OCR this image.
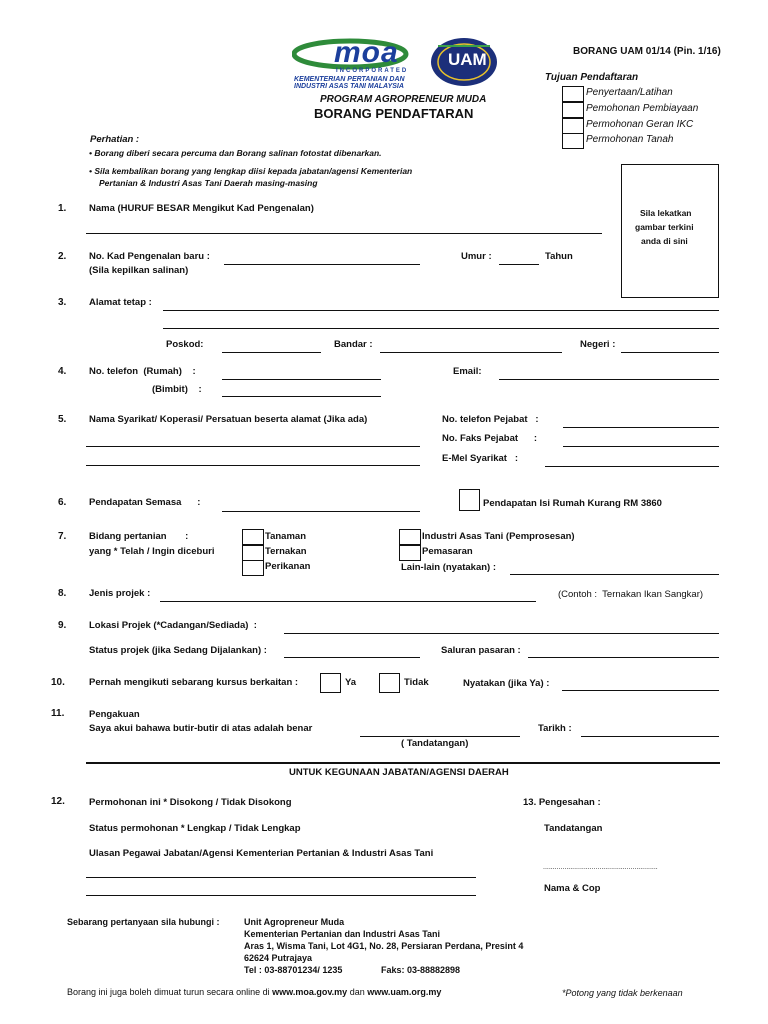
moa
INCORPORATED
KEMENTERIAN PERTANIAN DAN
INDUSTRI ASAS TANI MALAYSIA
UAM
PROGRAM AGROPRENEUR MUDA
BORANG PENDAFTARAN
BORANG UAM 01/14 (Pin. 1/16)
Tujuan Pendaftaran
Penyertaan/Latihan
Pemohonan Pembiayaan
Permohonan Geran IKC
Permohonan Tanah
Perhatian :
• Borang diberi secara percuma dan Borang salinan fotostat dibenarkan.
• Sila kembalikan borang yang lengkap diisi kepada jabatan/agensi Kementerian
Pertanian & Industri Asas Tani Daerah masing-masing
Sila lekatkan
gambar terkini
anda di sini
1. Nama (HURUF BESAR Mengikut Kad Pengenalan)
2. No. Kad Pengenalan baru :
(Sila kepilkan salinan)
Umur :	Tahun
3. Alamat tetap :
Poskod:	Bandar :	Negeri :
4. No. telefon  (Rumah)    :
(Bimbit)    :
Email:
5. Nama Syarikat/ Koperasi/ Persatuan beserta alamat (Jika ada)	No. telefon Pejabat   :
No. Faks Pejabat      :
E-Mel Syarikat   :
6. Pendapatan Semasa      :	Pendapatan Isi Rumah Kurang RM 3860
7. Bidang pertanian       :
yang * Telah / Ingin diceburi
Tanaman
Ternakan
Perikanan
Industri Asas Tani (Pemprosesan)
Pemasaran
Lain-lain (nyatakan) :
8. Jenis projek :	(Contoh :  Ternakan Ikan Sangkar)
9. Lokasi Projek (*Cadangan/Sediada)  :
Status projek (jika Sedang Dijalankan) :	Saluran pasaran :
10.	Pernah mengikuti sebarang kursus berkaitan :	Ya	Tidak	Nyatakan (jika Ya) :
11.	Pengakuan
Saya akui bahawa butir-butir di atas adalah benar
( Tandatangan)
Tarikh :
UNTUK KEGUNAAN JABATAN/AGENSI DAERAH
12.	Permohonan ini * Disokong / Tidak Disokong
Status permohonan * Lengkap / Tidak Lengkap
Ulasan Pegawai Jabatan/Agensi Kementerian Pertanian & Industri Asas Tani
13. Pengesahan :
Tandatangan
...........................................................
Nama & Cop
Sebarang pertanyaan sila hubungi :	Unit Agropreneur Muda
Kementerian Pertanian dan Industri Asas Tani
Aras 1, Wisma Tani, Lot 4G1, No. 28, Persiaran Perdana, Presint 4
62624 Putrajaya
Tel : 03-88701234/ 1235	Faks: 03-88882898
Borang ini juga boleh dimuat turun secara online di www.moa.gov.my dan www.uam.org.my	*Potong yang tidak berkenaan
